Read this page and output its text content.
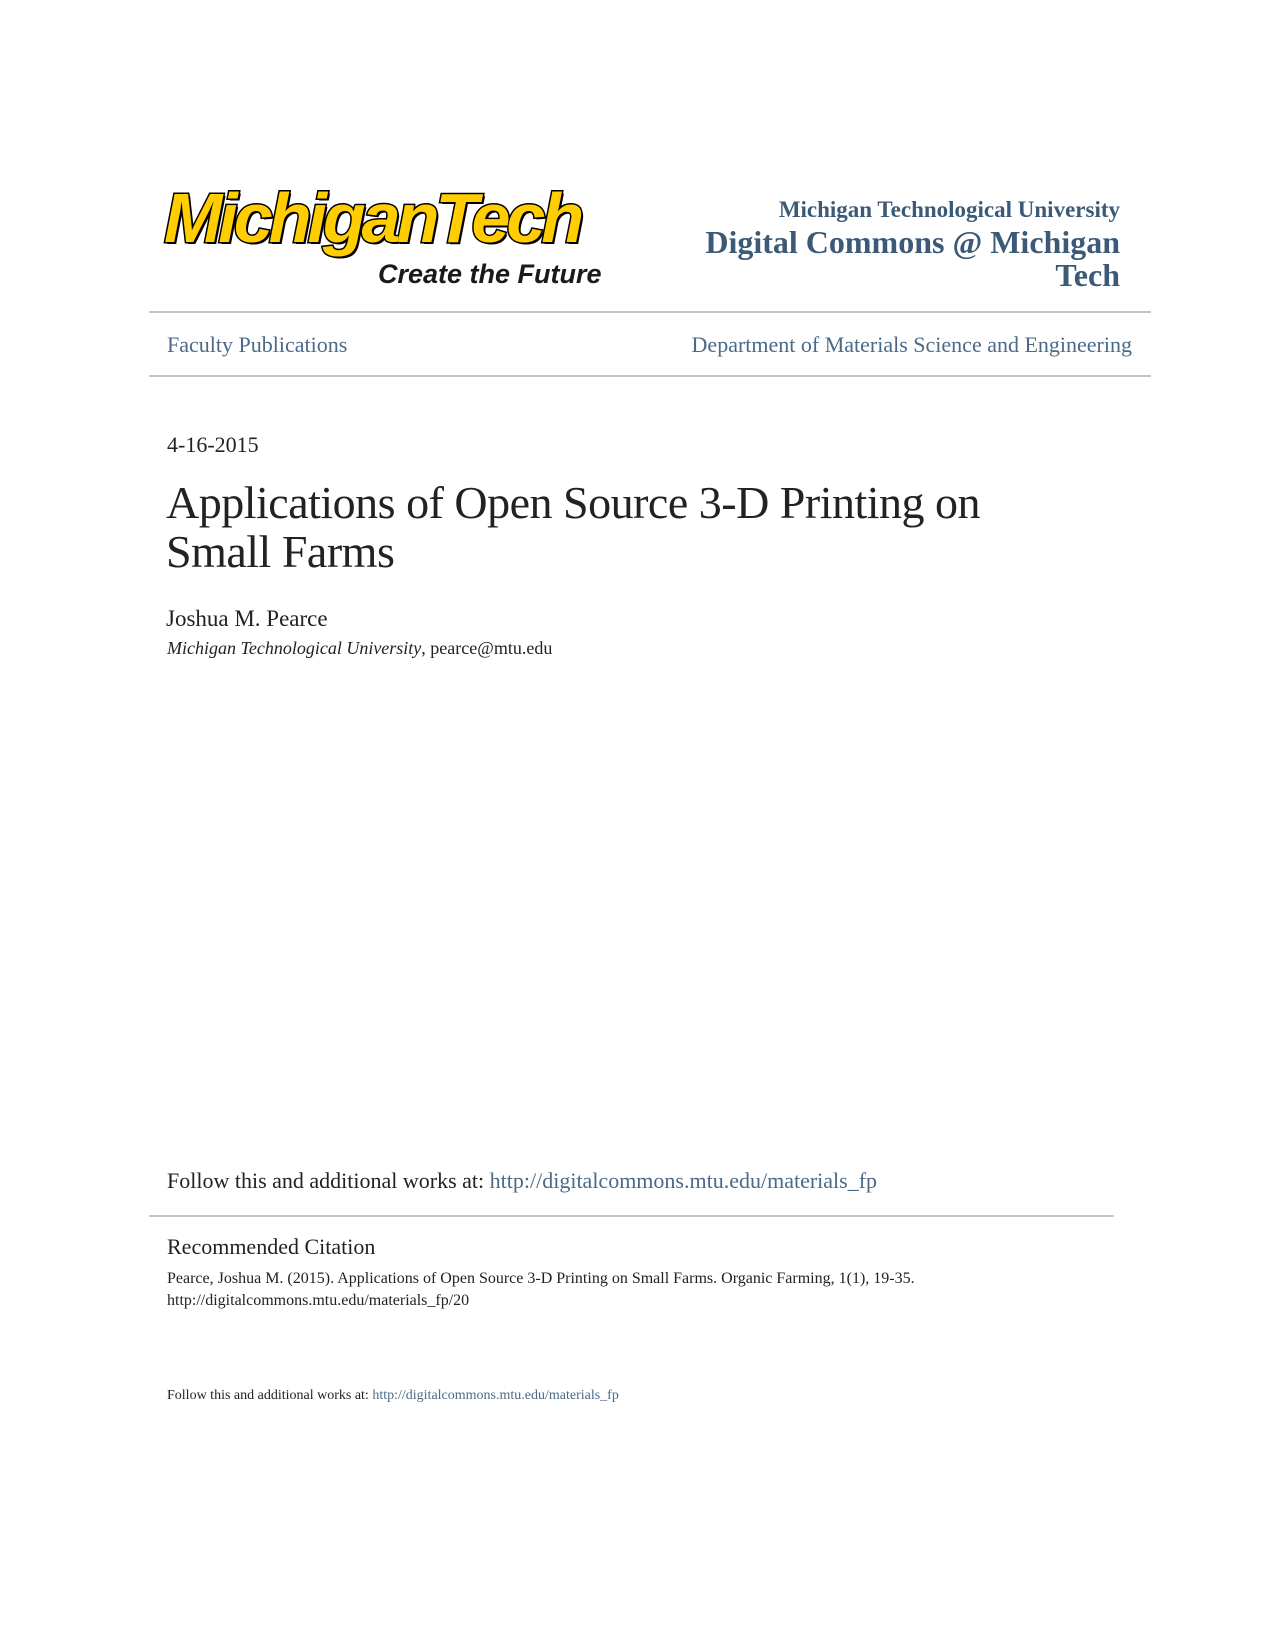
MichiganTech
Create the Future
Michigan Technological University
Digital Commons @ Michigan
Tech
Faculty Publications	Department of Materials Science and Engineering
4-16-2015
Applications of Open Source 3-D Printing on
Small Farms
Joshua M. Pearce
Michigan Technological University, pearce@mtu.edu
Follow this and additional works at: http://digitalcommons.mtu.edu/materials_fp
Recommended Citation
Pearce, Joshua M. (2015). Applications of Open Source 3-D Printing on Small Farms. Organic Farming, 1(1), 19-35.
http://digitalcommons.mtu.edu/materials_fp/20
Follow this and additional works at: http://digitalcommons.mtu.edu/materials_fp
